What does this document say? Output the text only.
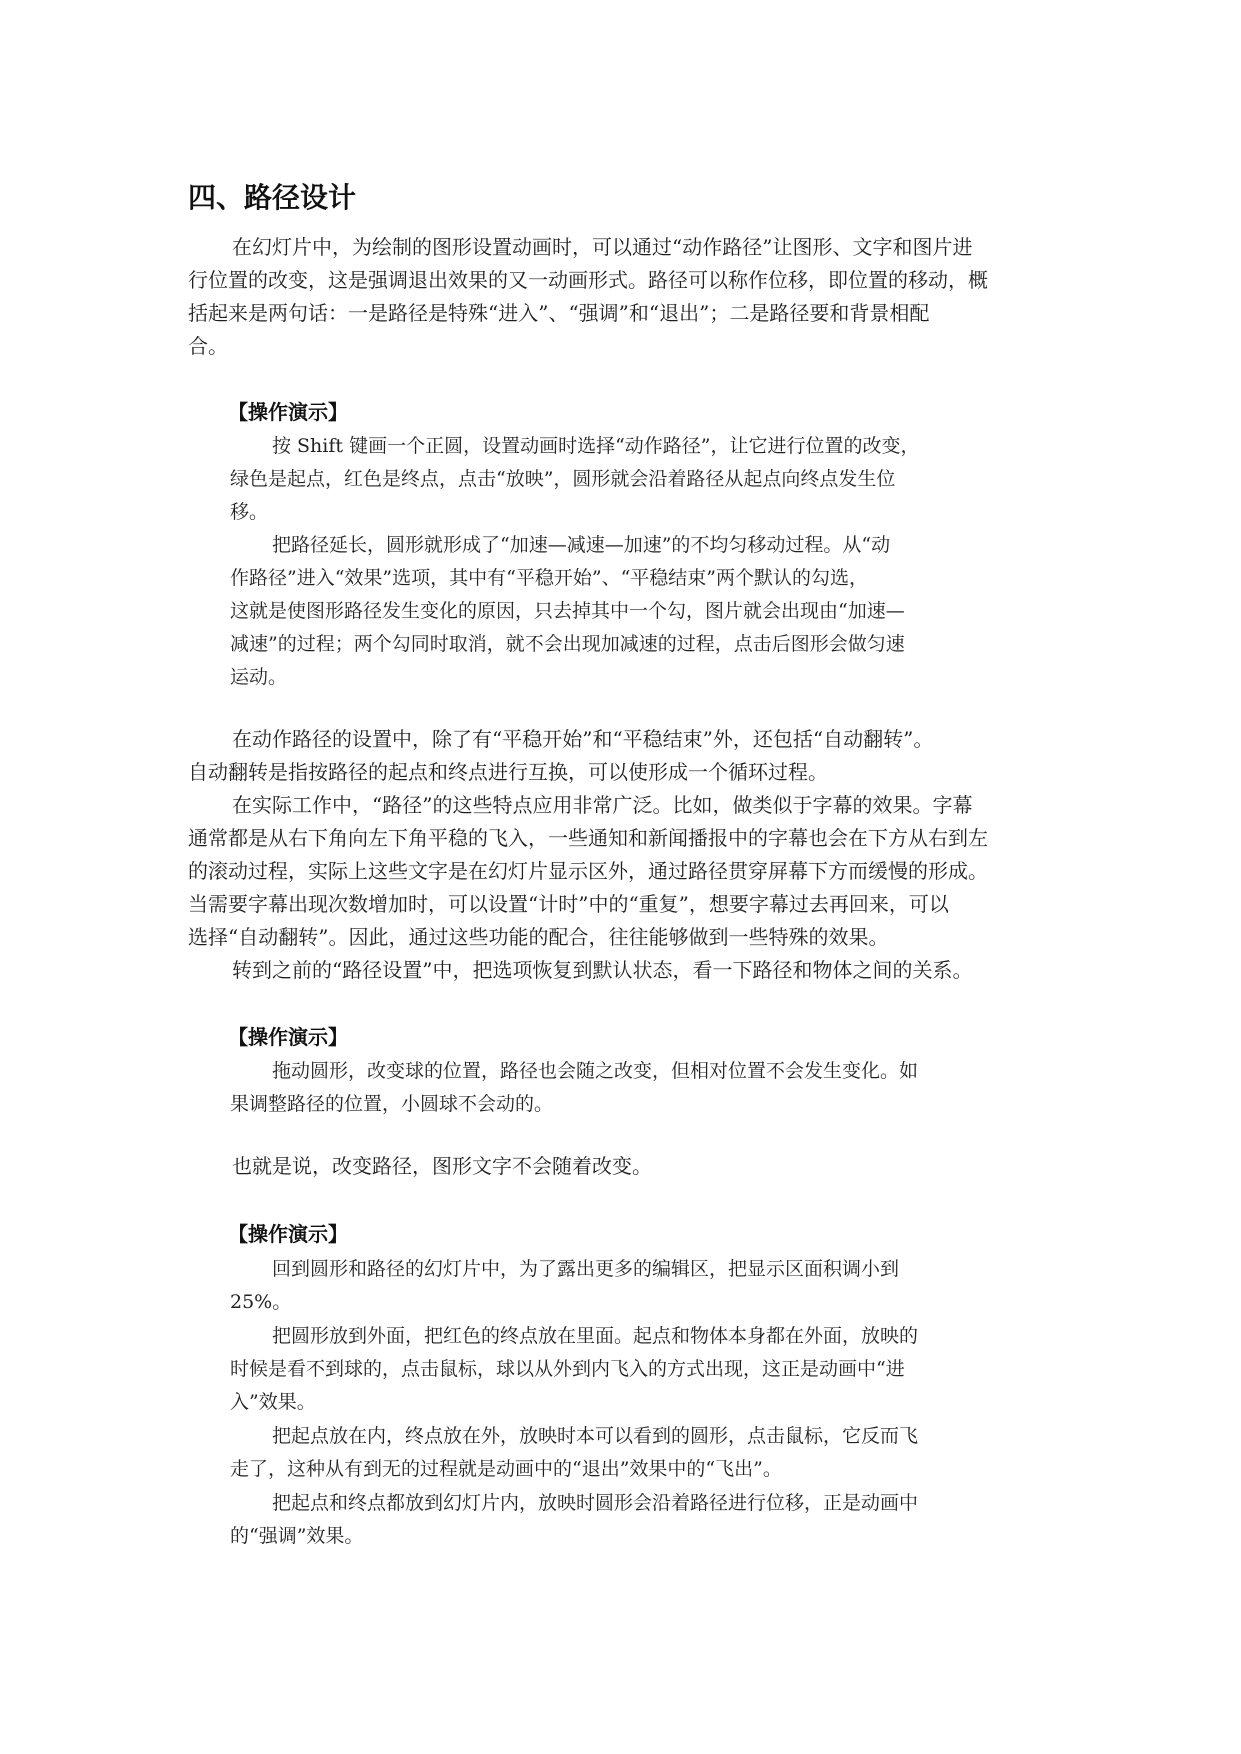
四、路径设计
在幻灯片中，为绘制的图形设置动画时，可以通过“动作路径”让图形、文字和图片进
行位置的改变，这是强调退出效果的又一动画形式。路径可以称作位移，即位置的移动，概
括起来是两句话：一是路径是特殊“进入”、“强调”和“退出”；二是路径要和背景相配
合。
【操作演示】
按 Shift 键画一个正圆，设置动画时选择“动作路径”，让它进行位置的改变，
绿色是起点，红色是终点，点击“放映”，圆形就会沿着路径从起点向终点发生位
移。
把路径延长，圆形就形成了“加速—减速—加速”的不均匀移动过程。从“动
作路径”进入“效果”选项，其中有“平稳开始”、“平稳结束”两个默认的勾选，
这就是使图形路径发生变化的原因，只去掉其中一个勾，图片就会出现由“加速—
减速”的过程；两个勾同时取消，就不会出现加减速的过程，点击后图形会做匀速
运动。
在动作路径的设置中，除了有“平稳开始”和“平稳结束”外，还包括“自动翻转”。
自动翻转是指按路径的起点和终点进行互换，可以使形成一个循环过程。
在实际工作中，“路径”的这些特点应用非常广泛。比如，做类似于字幕的效果。字幕
通常都是从右下角向左下角平稳的飞入，一些通知和新闻播报中的字幕也会在下方从右到左
的滚动过程，实际上这些文字是在幻灯片显示区外，通过路径贯穿屏幕下方而缓慢的形成。
当需要字幕出现次数增加时，可以设置“计时”中的“重复”，想要字幕过去再回来，可以
选择“自动翻转”。因此，通过这些功能的配合，往往能够做到一些特殊的效果。
转到之前的“路径设置”中，把选项恢复到默认状态，看一下路径和物体之间的关系。
【操作演示】
拖动圆形，改变球的位置，路径也会随之改变，但相对位置不会发生变化。如
果调整路径的位置，小圆球不会动的。
也就是说，改变路径，图形文字不会随着改变。
【操作演示】
回到圆形和路径的幻灯片中，为了露出更多的编辑区，把显示区面积调小到
25%。
把圆形放到外面，把红色的终点放在里面。起点和物体本身都在外面，放映的
时候是看不到球的，点击鼠标，球以从外到内飞入的方式出现，这正是动画中“进
入”效果。
把起点放在内，终点放在外，放映时本可以看到的圆形，点击鼠标，它反而飞
走了，这种从有到无的过程就是动画中的“退出”效果中的“飞出”。
把起点和终点都放到幻灯片内，放映时圆形会沿着路径进行位移，正是动画中
的“强调”效果。
